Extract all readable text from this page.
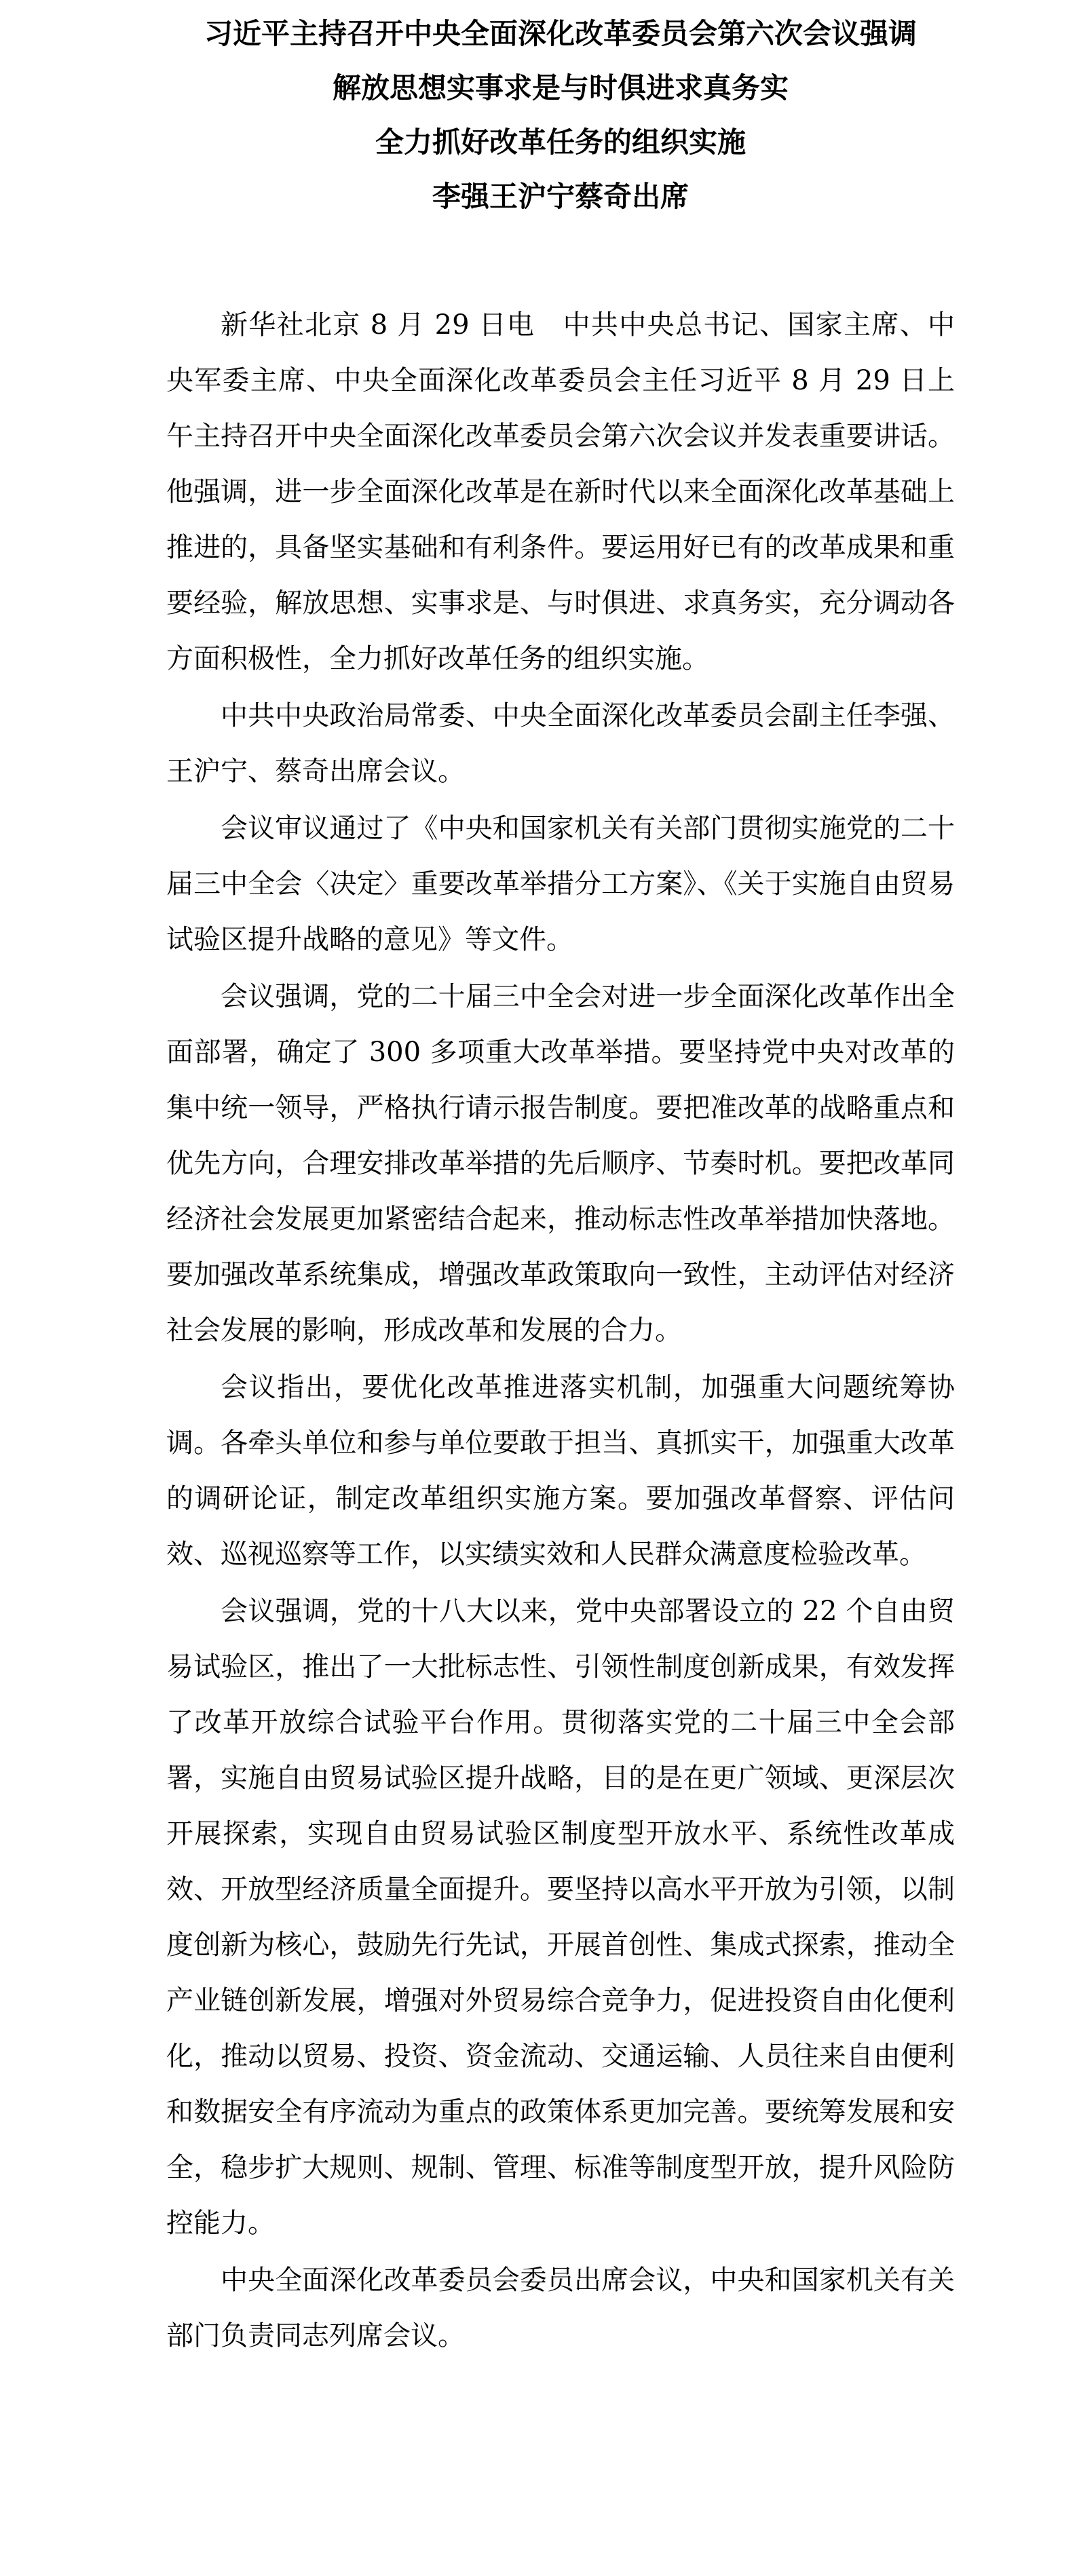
习近平主持召开中央全面深化改革委员会第六次会议强调
解放思想实事求是与时俱进求真务实
全力抓好改革任务的组织实施
李强王沪宁蔡奇出席

新华社北京 8 月 29 日电　中共中央总书记、国家主席、中央军委主席、中央全面深化改革委员会主任习近平 8 月 29 日上午主持召开中央全面深化改革委员会第六次会议并发表重要讲话。他强调，进一步全面深化改革是在新时代以来全面深化改革基础上推进的，具备坚实基础和有利条件。要运用好已有的改革成果和重要经验，解放思想、实事求是、与时俱进、求真务实，充分调动各方面积极性，全力抓好改革任务的组织实施。

中共中央政治局常委、中央全面深化改革委员会副主任李强、王沪宁、蔡奇出席会议。

会议审议通过了《中央和国家机关有关部门贯彻实施党的二十届三中全会〈决定〉重要改革举措分工方案》、《关于实施自由贸易试验区提升战略的意见》等文件。

会议强调，党的二十届三中全会对进一步全面深化改革作出全面部署，确定了 300 多项重大改革举措。要坚持党中央对改革的集中统一领导，严格执行请示报告制度。要把准改革的战略重点和优先方向，合理安排改革举措的先后顺序、节奏时机。要把改革同经济社会发展更加紧密结合起来，推动标志性改革举措加快落地。要加强改革系统集成，增强改革政策取向一致性，主动评估对经济社会发展的影响，形成改革和发展的合力。

会议指出，要优化改革推进落实机制，加强重大问题统筹协调。各牵头单位和参与单位要敢于担当、真抓实干，加强重大改革的调研论证，制定改革组织实施方案。要加强改革督察、评估问效、巡视巡察等工作，以实绩实效和人民群众满意度检验改革。

会议强调，党的十八大以来，党中央部署设立的 22 个自由贸易试验区，推出了一大批标志性、引领性制度创新成果，有效发挥了改革开放综合试验平台作用。贯彻落实党的二十届三中全会部署，实施自由贸易试验区提升战略，目的是在更广领域、更深层次开展探索，实现自由贸易试验区制度型开放水平、系统性改革成效、开放型经济质量全面提升。要坚持以高水平开放为引领，以制度创新为核心，鼓励先行先试，开展首创性、集成式探索，推动全产业链创新发展，增强对外贸易综合竞争力，促进投资自由化便利化，推动以贸易、投资、资金流动、交通运输、人员往来自由便利和数据安全有序流动为重点的政策体系更加完善。要统筹发展和安全，稳步扩大规则、规制、管理、标准等制度型开放，提升风险防控能力。

中央全面深化改革委员会委员出席会议，中央和国家机关有关部门负责同志列席会议。
